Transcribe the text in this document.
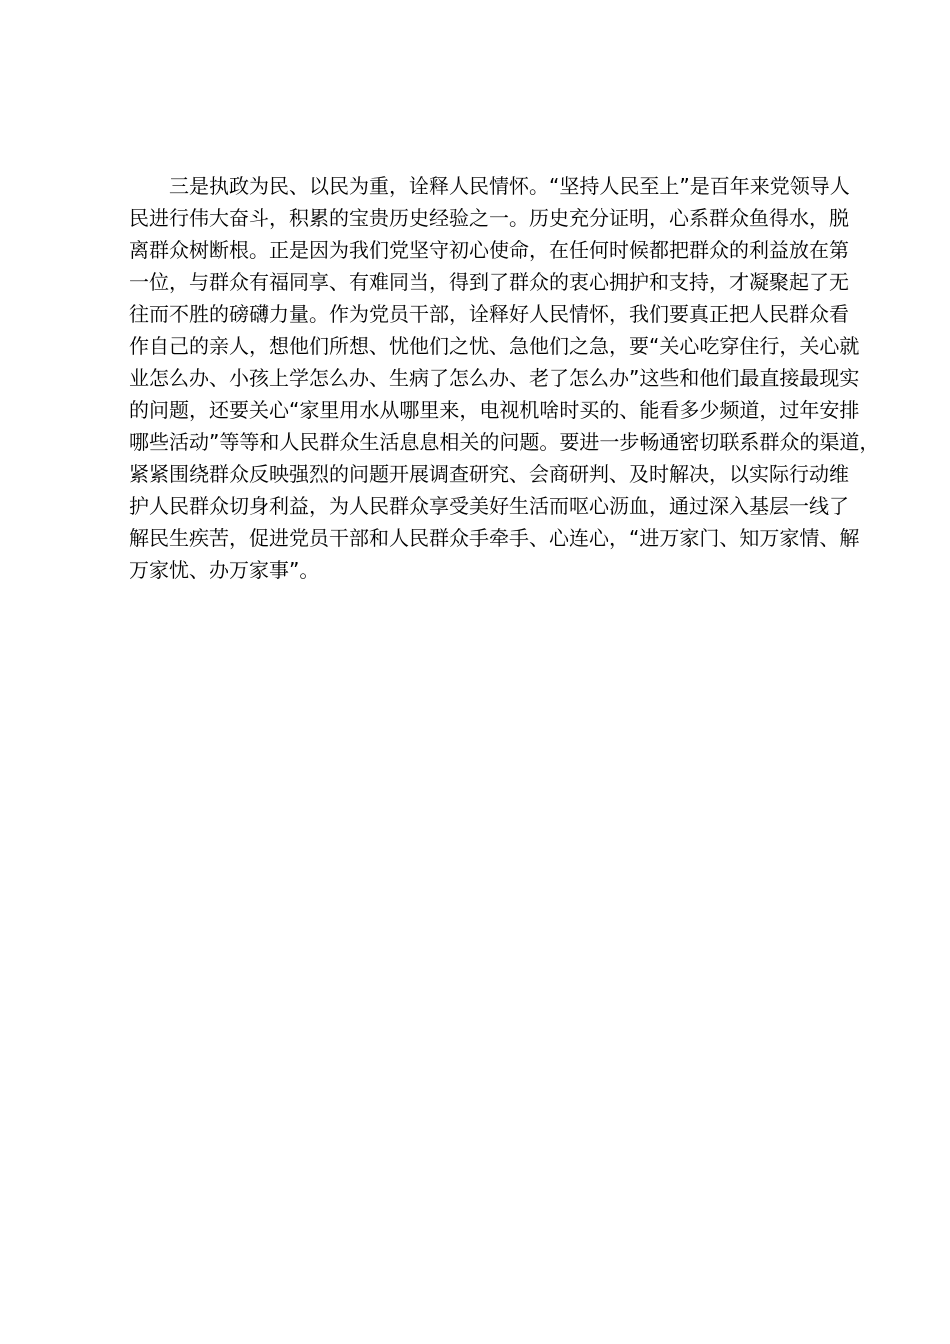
三是执政为民、以民为重，诠释人民情怀。“坚持人民至上”是百年来党领导人
民进行伟大奋斗，积累的宝贵历史经验之一。历史充分证明，心系群众鱼得水，脱
离群众树断根。正是因为我们党坚守初心使命，在任何时候都把群众的利益放在第
一位，与群众有福同享、有难同当，得到了群众的衷心拥护和支持，才凝聚起了无
往而不胜的磅礴力量。作为党员干部，诠释好人民情怀，我们要真正把人民群众看
作自己的亲人，想他们所想、忧他们之忧、急他们之急，要“关心吃穿住行，关心就
业怎么办、小孩上学怎么办、生病了怎么办、老了怎么办”这些和他们最直接最现实
的问题，还要关心“家里用水从哪里来，电视机啥时买的、能看多少频道，过年安排
哪些活动”等等和人民群众生活息息相关的问题。要进一步畅通密切联系群众的渠道，
紧紧围绕群众反映强烈的问题开展调查研究、会商研判、及时解决，以实际行动维
护人民群众切身利益，为人民群众享受美好生活而呕心沥血，通过深入基层一线了
解民生疾苦，促进党员干部和人民群众手牵手、心连心，“进万家门、知万家情、解
万家忧、办万家事”。
